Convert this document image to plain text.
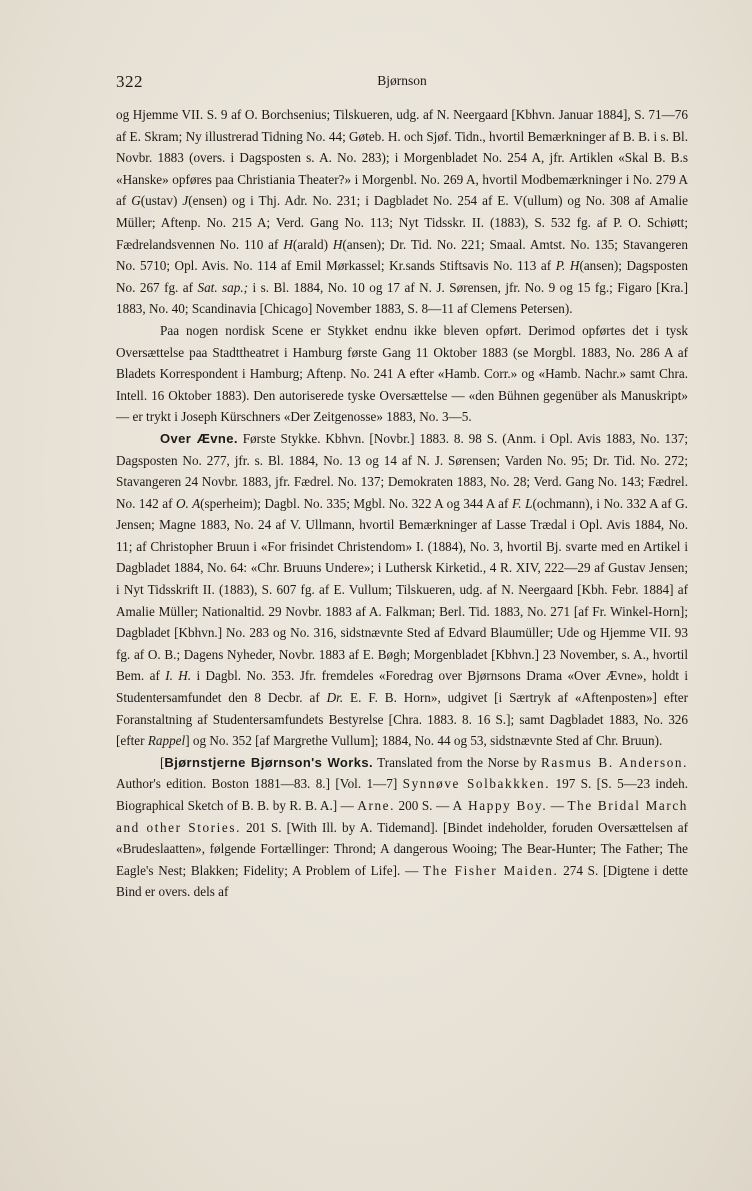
322	Bjørnson

og Hjemme VII. S. 9 af O. Borchsenius; Tilskueren, udg. af N. Neergaard [Kbhvn. Januar 1884], S. 71—76 af E. Skram; Ny illustrerad Tidning No. 44; Gøteb. H. och Sjøf. Tidn., hvortil Bemærkninger af B. B. i s. Bl. Novbr. 1883 (overs. i Dagsposten s. A. No. 283); i Morgenbladet No. 254 A, jfr. Artiklen «Skal B. B.s «Hanske» opføres paa Christiania Theater?» i Morgenbl. No. 269 A, hvortil Modbemærkninger i No. 279 A af G(ustav) J(ensen) og i Thj. Adr. No. 231; i Dagbladet No. 254 af E. V(ullum) og No. 308 af Amalie Müller; Aftenp. No. 215 A; Verd. Gang No. 113; Nyt Tidsskr. II. (1883), S. 532 fg. af P. O. Schiøtt; Fædrelandsvennen No. 110 af H(arald) H(ansen); Dr. Tid. No. 221; Smaal. Amtst. No. 135; Stavangeren No. 5710; Opl. Avis. No. 114 af Emil Mørkassel; Kr.sands Stiftsavis No. 113 af P. H(ansen); Dagsposten No. 267 fg. af Sat. sap.; i s. Bl. 1884, No. 10 og 17 af N. J. Sørensen, jfr. No. 9 og 15 fg.; Figaro [Kra.] 1883, No. 40; Scandinavia [Chicago] November 1883, S. 8—11 af Clemens Petersen).

Paa nogen nordisk Scene er Stykket endnu ikke bleven opført. Derimod opførtes det i tysk Oversættelse paa Stadttheatret i Hamburg første Gang 11 Oktober 1883 (se Morgbl. 1883, No. 286 A af Bladets Korrespondent i Hamburg; Aftenp. No. 241 A efter «Hamb. Corr.» og «Hamb. Nachr.» samt Chra. Intell. 16 Oktober 1883). Den autoriserede tyske Oversættelse — «den Bühnen gegenüber als Manuskript» — er trykt i Joseph Kürschners «Der Zeitgenosse» 1883, No. 3—5.

Over Ævne. Første Stykke. Kbhvn. [Novbr.] 1883. 8. 98 S. (Anm. i Opl. Avis 1883, No. 137; Dagsposten No. 277, jfr. s. Bl. 1884, No. 13 og 14 af N. J. Sørensen; Varden No. 95; Dr. Tid. No. 272; Stavangeren 24 Novbr. 1883, jfr. Fædrel. No. 137; Demokraten 1883, No. 28; Verd. Gang No. 143; Fædrel. No. 142 af O. A(sperheim); Dagbl. No. 335; Mgbl. No. 322 A og 344 A af F. L(ochmann), i No. 332 A af G. Jensen; Magne 1883, No. 24 af V. Ullmann, hvortil Bemærkninger af Lasse Trædal i Opl. Avis 1884, No. 11; af Christopher Bruun i «For frisindet Christendom» I. (1884), No. 3, hvortil Bj. svarte med en Artikel i Dagbladet 1884, No. 64: «Chr. Bruuns Undere»; i Luthersk Kirketid., 4 R. XIV, 222—29 af Gustav Jensen; i Nyt Tidsskrift II. (1883), S. 607 fg. af E. Vullum; Tilskueren, udg. af N. Neergaard [Kbh. Febr. 1884] af Amalie Müller; Nationaltid. 29 Novbr. 1883 af A. Falkman; Berl. Tid. 1883, No. 271 [af Fr. Winkel-Horn]; Dagbladet [Kbhvn.] No. 283 og No. 316, sidstnævnte Sted af Edvard Blaumüller; Ude og Hjemme VII. 93 fg. af O. B.; Dagens Nyheder, Novbr. 1883 af E. Bøgh; Morgenbladet [Kbhvn.] 23 November, s. A., hvortil Bem. af I. H. i Dagbl. No. 353. Jfr. fremdeles «Foredrag over Bjørnsons Drama «Over Ævne», holdt i Studentersamfundet den 8 Decbr. af Dr. E. F. B. Horn», udgivet [i Særtryk af «Aftenposten»] efter Foranstaltning af Studentersamfundets Bestyrelse [Chra. 1883. 8. 16 S.]; samt Dagbladet 1883, No. 326 [efter Rappel] og No. 352 [af Margrethe Vullum]; 1884, No. 44 og 53, sidstnævnte Sted af Chr. Bruun).

[Bjørnstjerne Bjørnson's Works. Translated from the Norse by Rasmus B. Anderson. Author's edition. Boston 1881—83. 8.] [Vol. 1—7] Synnøve Solbakkken. 197 S. [S. 5—23 indeh. Biographical Sketch of B. B. by R. B. A.] — Arne. 200 S. — A Happy Boy. — The Bridal March and other Stories. 201 S. [With Ill. by A. Tidemand]. [Bindet indeholder, foruden Oversættelsen af «Brudeslaatten», følgende Fortællinger: Thrond; A dangerous Wooing; The Bear-Hunter; The Father; The Eagle's Nest; Blakken; Fidelity; A Problem of Life]. — The Fisher Maiden. 274 S. [Digtene i dette Bind er overs. dels af
